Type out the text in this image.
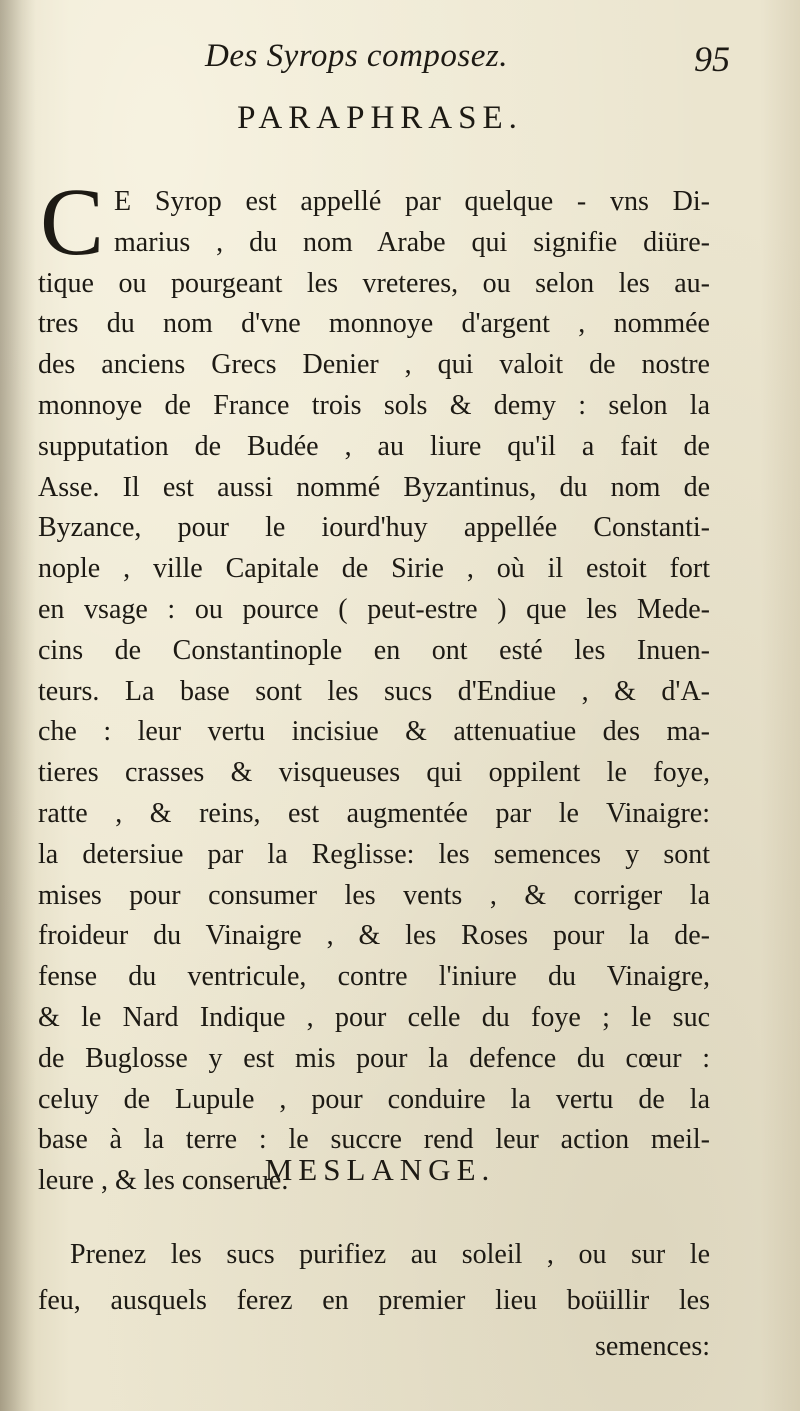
Des Syrops composez.	95
PARAPHRASE.
C E Syrop est appellé par quelque - vns Di-
marius , du nom Arabe qui signifie diüre-
tique ou pourgeant les vreteres, ou selon les au-
tres du nom d'vne monnoye d'argent , nommée
des anciens Grecs Denier , qui valoit de nostre
monnoye de France trois sols & demy : selon la
supputation de Budée , au liure qu'il a fait de
Asse. Il est aussi nommé Byzantinus, du nom de
Byzance, pour le iourd'huy appellée Constanti-
nople , ville Capitale de Sirie , où il estoit fort
en vsage : ou pource ( peut-estre ) que les Mede-
cins de Constantinople en ont esté les Inuen-
teurs. La base sont les sucs d'Endiue , & d'A-
che : leur vertu incisiue & attenuatiue des ma-
tieres crasses & visqueuses qui oppilent le foye,
ratte , & reins, est augmentée par le Vinaigre:
la detersiue par la Reglisse: les semences y sont
mises pour consumer les vents , & corriger la
froideur du Vinaigre , & les Roses pour la de-
fense du ventricule, contre l'iniure du Vinaigre,
& le Nard Indique , pour celle du foye ; le suc
de Buglosse y est mis pour la defence du cœur :
celuy de Lupule , pour conduire la vertu de la
base à la terre : le succre rend leur action meil-
leure , & les conserue.
MESLANGE.
Prenez les sucs purifiez au soleil , ou sur le
feu, ausquels ferez en premier lieu boüillir les
semences:
